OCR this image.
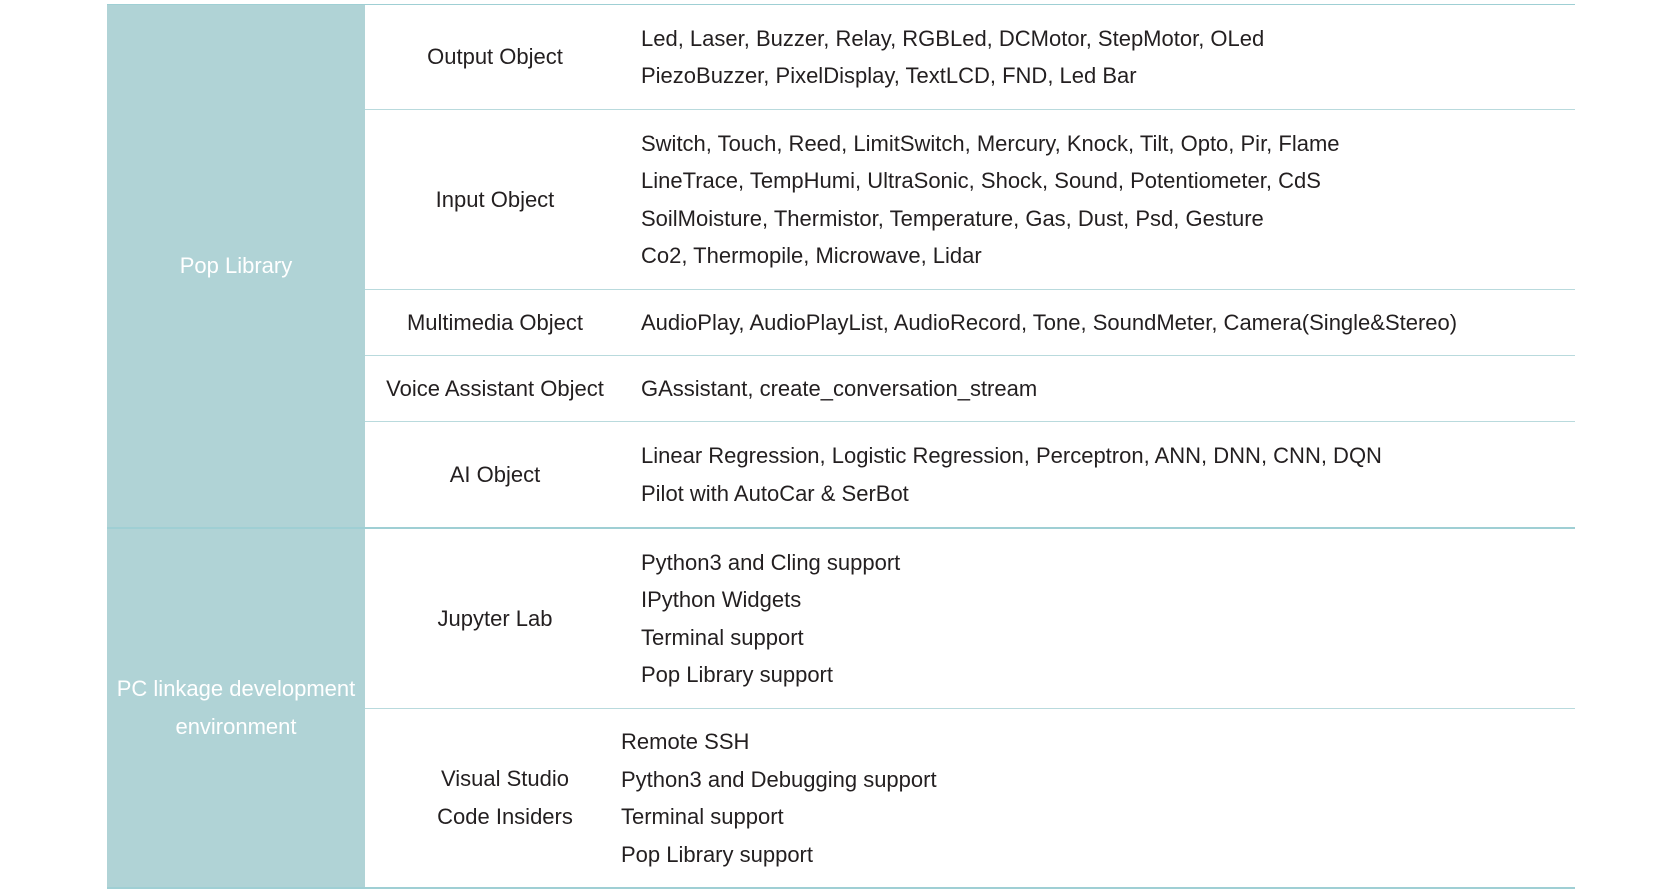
Pop Library
Output Object
Led, Laser, Buzzer, Relay, RGBLed, DCMotor, StepMotor, OLed
PiezoBuzzer, PixelDisplay, TextLCD, FND, Led Bar
Input Object
Switch, Touch, Reed, LimitSwitch, Mercury, Knock, Tilt, Opto, Pir, Flame
LineTrace, TempHumi, UltraSonic, Shock, Sound, Potentiometer, CdS
SoilMoisture, Thermistor, Temperature, Gas, Dust, Psd, Gesture
Co2, Thermopile, Microwave, Lidar
Multimedia Object	AudioPlay, AudioPlayList, AudioRecord, Tone, SoundMeter, Camera(Single&Stereo)
Voice Assistant Object	GAssistant, create_conversation_stream
AI Object
Linear Regression, Logistic Regression, Perceptron, ANN, DNN, CNN, DQN
Pilot with AutoCar & SerBot
PC linkage development
environment
Jupyter Lab
Python3 and Cling support
IPython Widgets
Terminal support
Pop Library support
Visual Studio
Code Insiders
Remote SSH
Python3 and Debugging support
Terminal support
Pop Library support
